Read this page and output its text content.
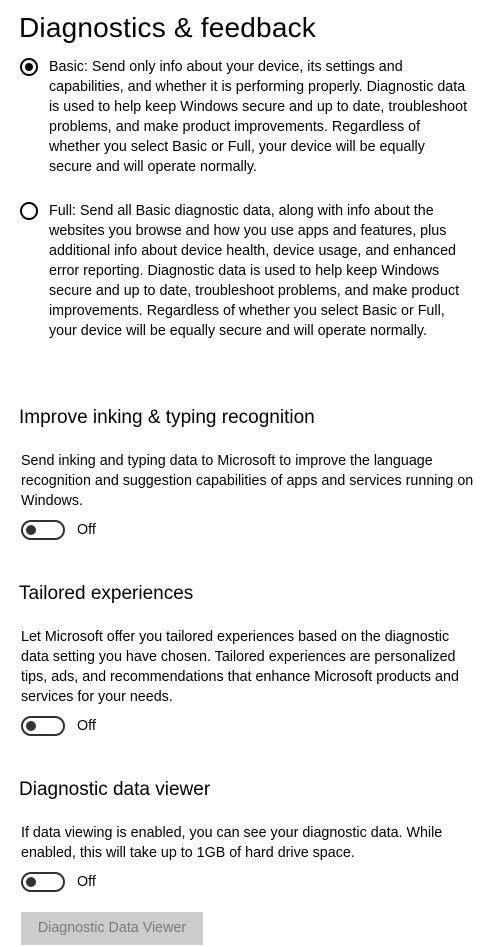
Diagnostics & feedback
Basic: Send only info about your device, its settings and capabilities, and whether it is performing properly. Diagnostic data is used to help keep Windows secure and up to date, troubleshoot problems, and make product improvements. Regardless of whether you select Basic or Full, your device will be equally secure and will operate normally.
Full: Send all Basic diagnostic data, along with info about the websites you browse and how you use apps and features, plus additional info about device health, device usage, and enhanced error reporting. Diagnostic data is used to help keep Windows secure and up to date, troubleshoot problems, and make product improvements. Regardless of whether you select Basic or Full, your device will be equally secure and will operate normally.
Improve inking & typing recognition

Send inking and typing data to Microsoft to improve the language recognition and suggestion capabilities of apps and services running on Windows.

Off
Tailored experiences

Let Microsoft offer you tailored experiences based on the diagnostic data setting you have chosen. Tailored experiences are personalized tips, ads, and recommendations that enhance Microsoft products and services for your needs.

Off
Diagnostic data viewer

If data viewing is enabled, you can see your diagnostic data. While enabled, this will take up to 1GB of hard drive space.

Off
Diagnostic Data Viewer
